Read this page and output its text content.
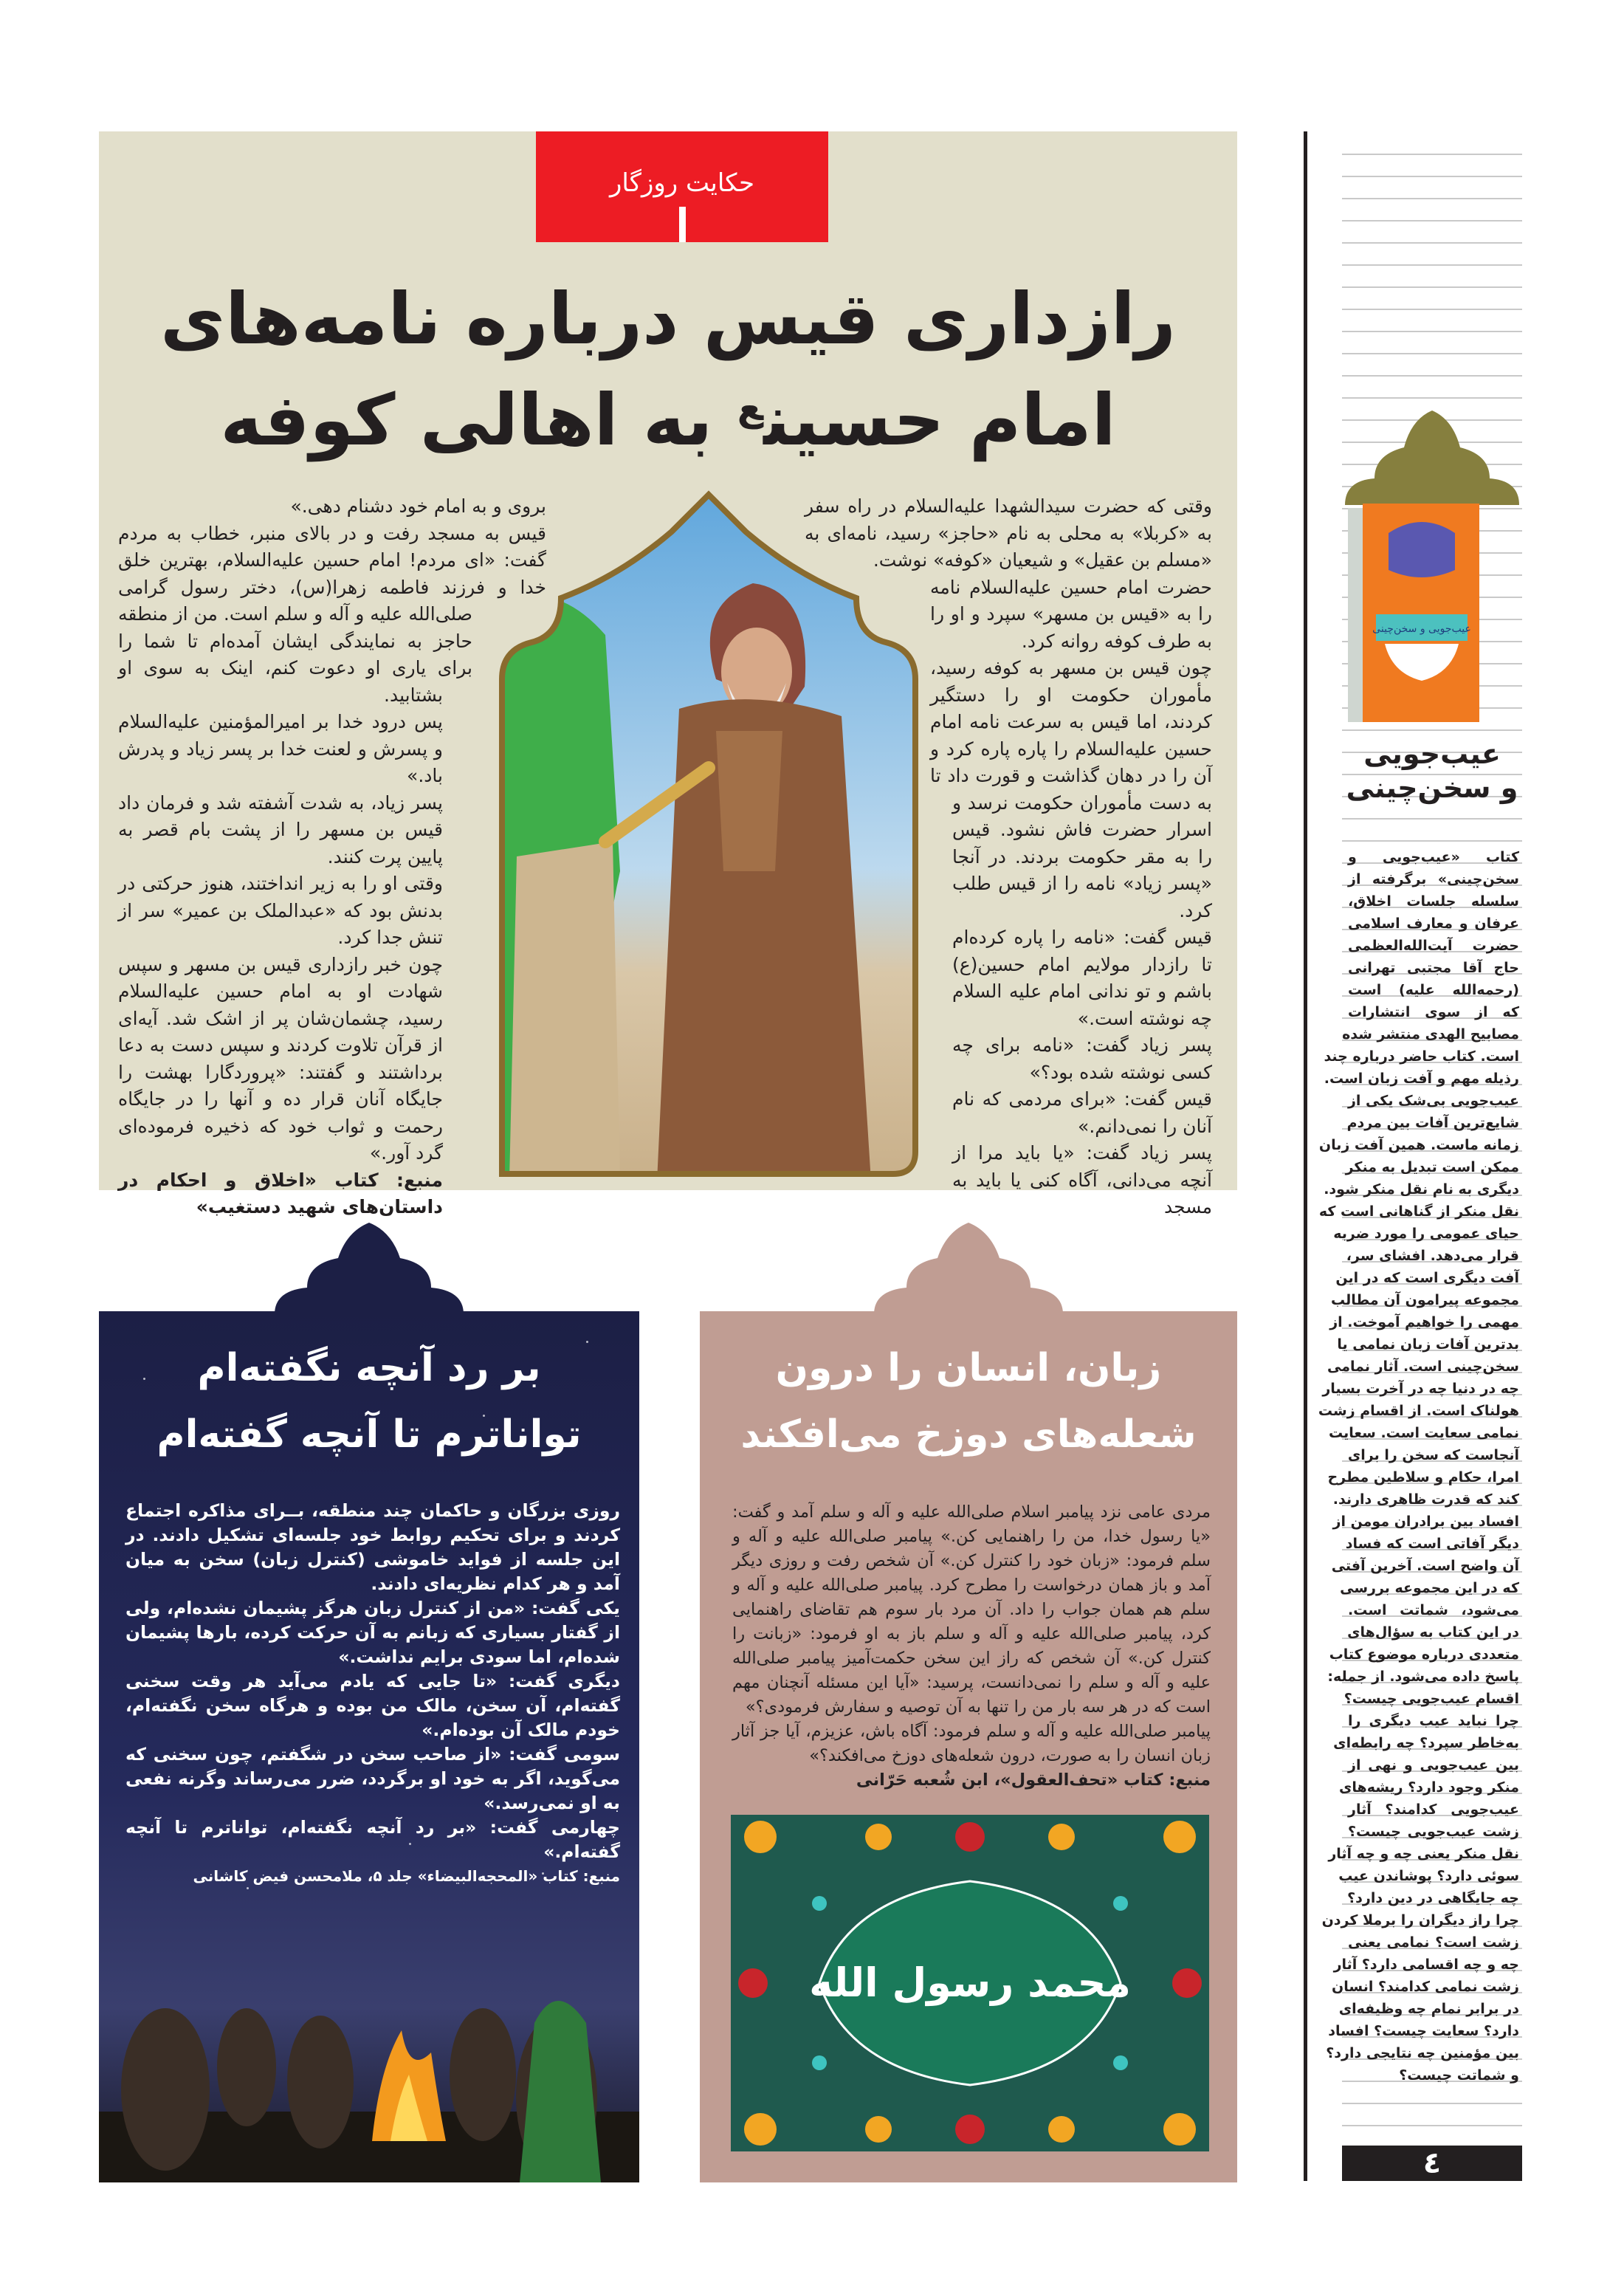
حکایت روزگار
رازداری قیس درباره نامه‌های
امام حسین$^ع$ به اهالی کوفه

وقتی که حضرت سیدالشهدا علیه‌السلام در راه سفر به «کربلا» به محلی به نام «حاجز» رسید، نامه‌ای به «مسلم بن عقیل» و شیعیان «کوفه» نوشت.

حضرت امام حسین علیه‌السلام نامه را به «قیس بن مسهر» سپرد و او را به طرف کوفه روانه کرد.

چون قیس بن مسهر به کوفه رسید، مأموران حکومت او را دستگیر کردند، اما قیس به سرعت نامه امام حسین علیه‌السلام را پاره پاره کرد و آن را در دهان گذاشت و قورت داد تا به دست مأموران حکومت نرسد و اسرار حضرت فاش نشود. قیس را به مقر حکومت بردند. در آنجا «پسر زیاد» نامه را از قیس طلب کرد.

قیس گفت: «نامه را پاره کرده‌ام تا رازدار مولایم امام حسین(ع) باشم و تو ندانی امام علیه السلام چه نوشته است.»

پسر زیاد گفت: «نامه برای چه کسی نوشته شده بود؟»

قیس گفت: «برای مردمی که نام آنان را نمی‌دانم.»

پسر زیاد گفت: «یا باید مرا از آنچه می‌دانی، آگاه کنی یا باید به مسجد

بروی و به امام خود دشنام دهی.»

قیس به مسجد رفت و در بالای منبر، خطاب به مردم گفت: «ای مردم! امام حسین علیه‌السلام، بهترین خلق خدا و فرزند فاطمه زهرا(س)، دختر رسول گرامی صلی‌الله علیه و آله و سلم است. من از منطقه حاجز به نمایندگی ایشان آمده‌ام تا شما را برای یاری او دعوت کنم، اینک به سوی او بشتابید.

پس درود خدا بر امیرالمؤمنین علیه‌السلام و پسرش و لعنت خدا بر پسر زیاد و پدرش باد.»

پسر زیاد، به شدت آشفته شد و فرمان داد قیس بن مسهر را از پشت بام قصر به پایین پرت کنند.

وقتی او را به زیر انداختند، هنوز حرکتی در بدنش بود که «عبدالملک بن عمیر» سر از تنش جدا کرد.

چون خبر رازداری قیس بن مسهر و سپس شهادت او به امام حسین علیه‌السلام رسید، چشمان‌شان پر از اشک شد. آیه‌ای از قرآن تلاوت کردند و سپس دست به دعا برداشتند و گفتند: «پروردگارا بهشت را جایگاه آنان قرار ده و آنها را در جایگاه رحمت و ثواب خود که ذخیره فرموده‌ای گرد آور.»

منبع: کتاب «اخلاق و احکام در داستان‌های شهید دستغیب»

عیب‌جویی و سخن‌چینی
عیب‌جویی
و سخن‌چینی
کتاب «عیب‌جویی و
سخن‌چینی» برگرفته از
سلسله جلسات اخلاق،
عرفان و معارف اسلامی
حضرت آیت‌الله‌العظمی
حاج آقا مجتبی تهرانی
(رحمه‌الله علیه) است
که از سوی انتشارات
مصابیح الهدی منتشر شده
است. کتاب حاضر درباره چند
رذیله مهم و آفت زبان است.
عیب‌جویی بی‌شک یکی از
شایع‌ترین آفات بین مردم
زمانه ماست. همین آفت زبان
ممکن است تبدیل به منکر
دیگری به نام نقل منکر شود.
نقل منکر از گناهانی است که
حیای عمومی را مورد ضربه
قرار می‌دهد. افشای سر،
آفت دیگری است که در این
مجموعه پیرامون آن مطالب
مهمی را خواهیم آموخت. از
بدترین آفات زبان نمامی یا
سخن‌چینی است. آثار نمامی
چه در دنیا چه در آخرت بسیار
هولناک است. از اقسام زشت
نمامی سعایت است. سعایت
آنجاست که سخن را برای
امرا، حکام و سلاطین مطرح
کند که قدرت ظاهری دارند.
افساد بین برادران مومن از
دیگر آفاتی است که فساد
آن واضح است. آخرین آفتی
که در این مجموعه بررسی
می‌شود، شماتت است.
در این کتاب به سؤال‌های
متعددی درباره موضوع کتاب
پاسخ داده می‌شود. از جمله:
اقسام عیب‌جویی چیست؟
چرا نباید عیب دیگری را
به‌خاطر سپرد؟ چه رابطه‌ای
بین عیب‌جویی و نهی از
منکر وجود دارد؟ ریشه‌های
عیب‌جویی کدامند؟ آثار
زشت عیب‌جویی چیست؟
نقل منکر یعنی چه و چه آثار
سوئی دارد؟ پوشاندن عیب
چه جایگاهی در دین دارد؟
چرا راز دیگران را برملا کردن
زشت است؟ نمامی یعنی
چه و چه اقسامی دارد؟ آثار
زشت نمامی کدامند؟ انسان
در برابر نمام چه وظیفه‌ای
دارد؟ سعایت چیست؟ افساد
بین مؤمنین چه نتایجی دارد؟
و شماتت چیست؟
٤
زبان، انسان را درون
شعله‌های دوزخ می‌افکند

مردی عامی نزد پیامبر اسلام صلی‌الله علیه و آله و سلم آمد و گفت: «یا رسول خدا، من را راهنمایی کن.» پیامبر صلی‌الله علیه و آله و سلم فرمود: «زبان خود را کنترل کن.» آن شخص رفت و روزی دیگر آمد و باز همان درخواست را مطرح کرد. پیامبر صلی‌الله علیه و آله و سلم هم همان جواب را داد. آن مرد بار سوم هم تقاضای راهنمایی کرد، پیامبر صلی‌الله علیه و آله و سلم باز به او فرمود: «زبانت را کنترل کن.» آن شخص که راز این سخن حکمت‌آمیز پیامبر صلی‌الله علیه و آله و سلم را نمی‌دانست، پرسید: «آیا این مسئله آنچنان مهم است که در هر سه بار من را تنها به آن توصیه و سفارش فرمودی؟»

پیامبر صلی‌الله علیه و آله و سلم فرمود: آگاه باش، عزیزم، آیا جز آثار زبان انسان را به صورت، درون شعله‌های دوزخ می‌افکند؟»

منبع: کتاب «تحف‌العقول»، ابن شُعبه حَرّانی

محمد رسول الله
بر رد آنچه نگفته‌ام
تواناترم تا آنچه گفته‌ام

روزی بزرگان و حاکمان چند منطقه، بــرای مذاکره اجتماع کردند و برای تحکیم روابط خود جلسه‌ای تشکیل دادند. در این جلسه از فواید خاموشی (کنترل زبان) سخن به میان آمد و هر کدام نظریه‌ای دادند.

یکی گفت: «من از کنترل زبان هرگز پشیمان نشده‌ام، ولی از گفتار بسیاری که زبانم به آن حرکت کرده، بارها پشیمان شده‌ام، اما سودی برایم نداشت.»

دیگری گفت: «تا جایی که یادم می‌آید هر وقت سخنی گفته‌ام، آن سخن، مالک من بوده و هرگاه سخن نگفته‌ام، خودم مالک آن بوده‌ام.»

سومی گفت: «از صاحب سخن در شگفتم، چون سخنی که می‌گوید، اگر به خود او برگردد، ضرر می‌رساند وگرنه نفعی به او نمی‌رسد.»

چهارمی گفت: «بر رد آنچه نگفته‌ام، تواناترم تا آنچه گفته‌ام.»

منبع: کتاب «المحجه‌البیضاء» جلد ۵، ملامحسن فیض کاشانی
